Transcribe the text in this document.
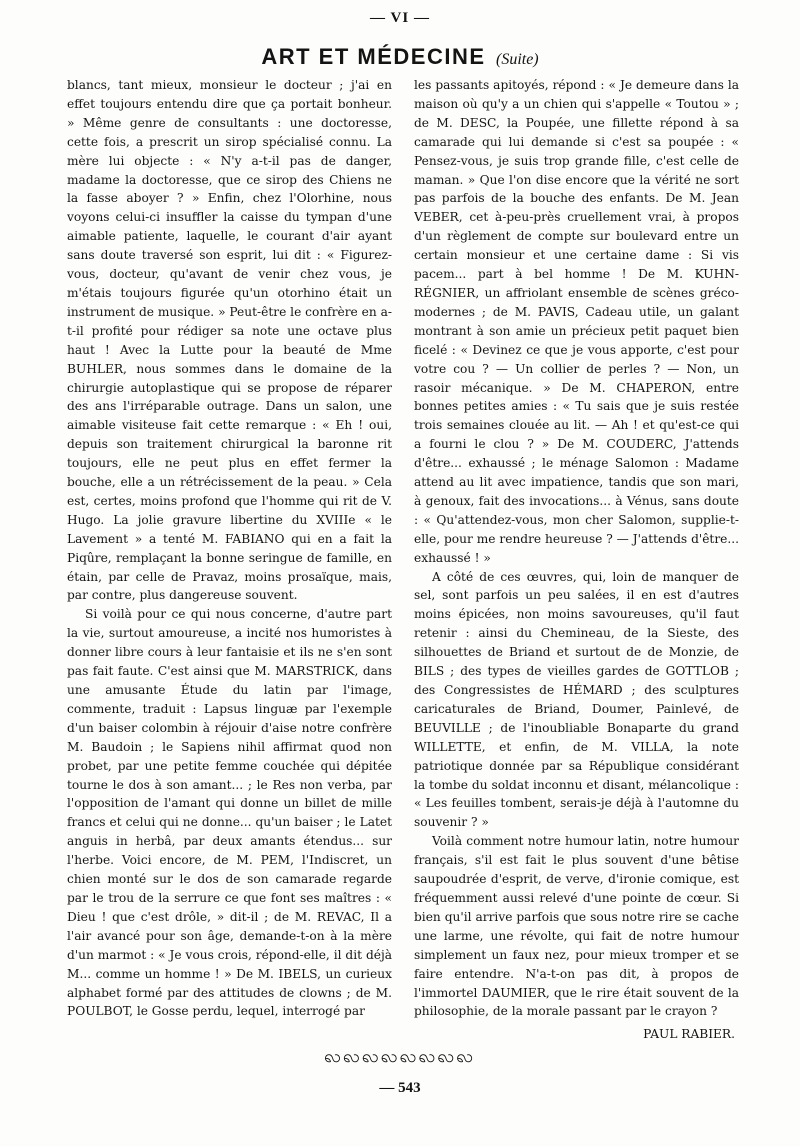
— VI —
ART ET MÉDECINE (Suite)

blancs, tant mieux, monsieur le docteur ; j'ai en effet toujours entendu dire que ça portait bonheur. » Même genre de consultants : une doctoresse, cette fois, a prescrit un sirop spécialisé connu. La mère lui objecte : « N'y a-t-il pas de danger, madame la doctoresse, que ce sirop des Chiens ne la fasse aboyer ? » Enfin, chez l'Olorhine, nous voyons celui-ci insuffler la caisse du tympan d'une aimable patiente, laquelle, le courant d'air ayant sans doute traversé son esprit, lui dit : « Figurez-vous, docteur, qu'avant de venir chez vous, je m'étais toujours figurée qu'un otorhino était un instrument de musique. » Peut-être le confrère en a-t-il profité pour rédiger sa note une octave plus haut ! Avec la Lutte pour la beauté de Mme BUHLER, nous sommes dans le domaine de la chirurgie autoplastique qui se propose de réparer des ans l'irréparable outrage. Dans un salon, une aimable visiteuse fait cette remarque : « Eh ! oui, depuis son traitement chirurgical la baronne rit toujours, elle ne peut plus en effet fermer la bouche, elle a un rétrécissement de la peau. » Cela est, certes, moins profond que l'homme qui rit de V. Hugo. La jolie gravure libertine du XVIIIe « le Lavement » a tenté M. FABIANO qui en a fait la Piqûre, remplaçant la bonne seringue de famille, en étain, par celle de Pravaz, moins prosaïque, mais, par contre, plus dangereuse souvent.

Si voilà pour ce qui nous concerne, d'autre part la vie, surtout amoureuse, a incité nos humoristes à donner libre cours à leur fantaisie et ils ne s'en sont pas fait faute. C'est ainsi que M. MARSTRICK, dans une amusante Étude du latin par l'image, commente, traduit : Lapsus linguæ par l'exemple d'un baiser colombin à réjouir d'aise notre confrère M. Baudoin ; le Sapiens nihil affirmat quod non probet, par une petite femme couchée qui dépitée tourne le dos à son amant... ; le Res non verba, par l'opposition de l'amant qui donne un billet de mille francs et celui qui ne donne... qu'un baiser ; le Latet anguis in herbâ, par deux amants étendus... sur l'herbe. Voici encore, de M. PEM, l'Indiscret, un chien monté sur le dos de son camarade regarde par le trou de la serrure ce que font ses maîtres : « Dieu ! que c'est drôle, » dit-il ; de M. REVAC, Il a l'air avancé pour son âge, demande-t-on à la mère d'un marmot : « Je vous crois, répond-elle, il dit déjà M... comme un homme ! » De M. IBELS, un curieux alphabet formé par des attitudes de clowns ; de M. POULBOT, le Gosse perdu, lequel, interrogé par

les passants apitoyés, répond : « Je demeure dans la maison où qu'y a un chien qui s'appelle « Toutou » ; de M. DESC, la Poupée, une fillette répond à sa camarade qui lui demande si c'est sa poupée : « Pensez-vous, je suis trop grande fille, c'est celle de maman. » Que l'on dise encore que la vérité ne sort pas parfois de la bouche des enfants. De M. Jean VEBER, cet à-peu-près cruellement vrai, à propos d'un règlement de compte sur boulevard entre un certain monsieur et une certaine dame : Si vis pacem... part à bel homme ! De M. KUHN-RÉGNIER, un affriolant ensemble de scènes gréco-modernes ; de M. PAVIS, Cadeau utile, un galant montrant à son amie un précieux petit paquet bien ficelé : « Devinez ce que je vous apporte, c'est pour votre cou ? — Un collier de perles ? — Non, un rasoir mécanique. » De M. CHAPERON, entre bonnes petites amies : « Tu sais que je suis restée trois semaines clouée au lit. — Ah ! et qu'est-ce qui a fourni le clou ? » De M. COUDERC, J'attends d'être... exhaussé ; le ménage Salomon : Madame attend au lit avec impatience, tandis que son mari, à genoux, fait des invocations... à Vénus, sans doute : « Qu'attendez-vous, mon cher Salomon, supplie-t-elle, pour me rendre heureuse ? — J'attends d'être... exhaussé ! »

A côté de ces œuvres, qui, loin de manquer de sel, sont parfois un peu salées, il en est d'autres moins épicées, non moins savoureuses, qu'il faut retenir : ainsi du Chemineau, de la Sieste, des silhouettes de Briand et surtout de de Monzie, de BILS ; des types de vieilles gardes de GOTTLOB ; des Congressistes de HÉMARD ; des sculptures caricaturales de Briand, Doumer, Painlevé, de BEUVILLE ; de l'inoubliable Bonaparte du grand WILLETTE, et enfin, de M. VILLA, la note patriotique donnée par sa République considérant la tombe du soldat inconnu et disant, mélancolique : « Les feuilles tombent, serais-je déjà à l'automne du souvenir ? »

Voilà comment notre humour latin, notre humour français, s'il est fait le plus souvent d'une bêtise saupoudrée d'esprit, de verve, d'ironie comique, est fréquemment aussi relevé d'une pointe de cœur. Si bien qu'il arrive parfois que sous notre rire se cache une larme, une révolte, qui fait de notre humour simplement un faux nez, pour mieux tromper et se faire entendre. N'a-t-on pas dit, à propos de l'immortel DAUMIER, que le rire était souvent de la philosophie, de la morale passant par le crayon ?

PAUL RABIER.
ꩮꩮꩮꩮꩮꩮꩮꩮ
— 543
